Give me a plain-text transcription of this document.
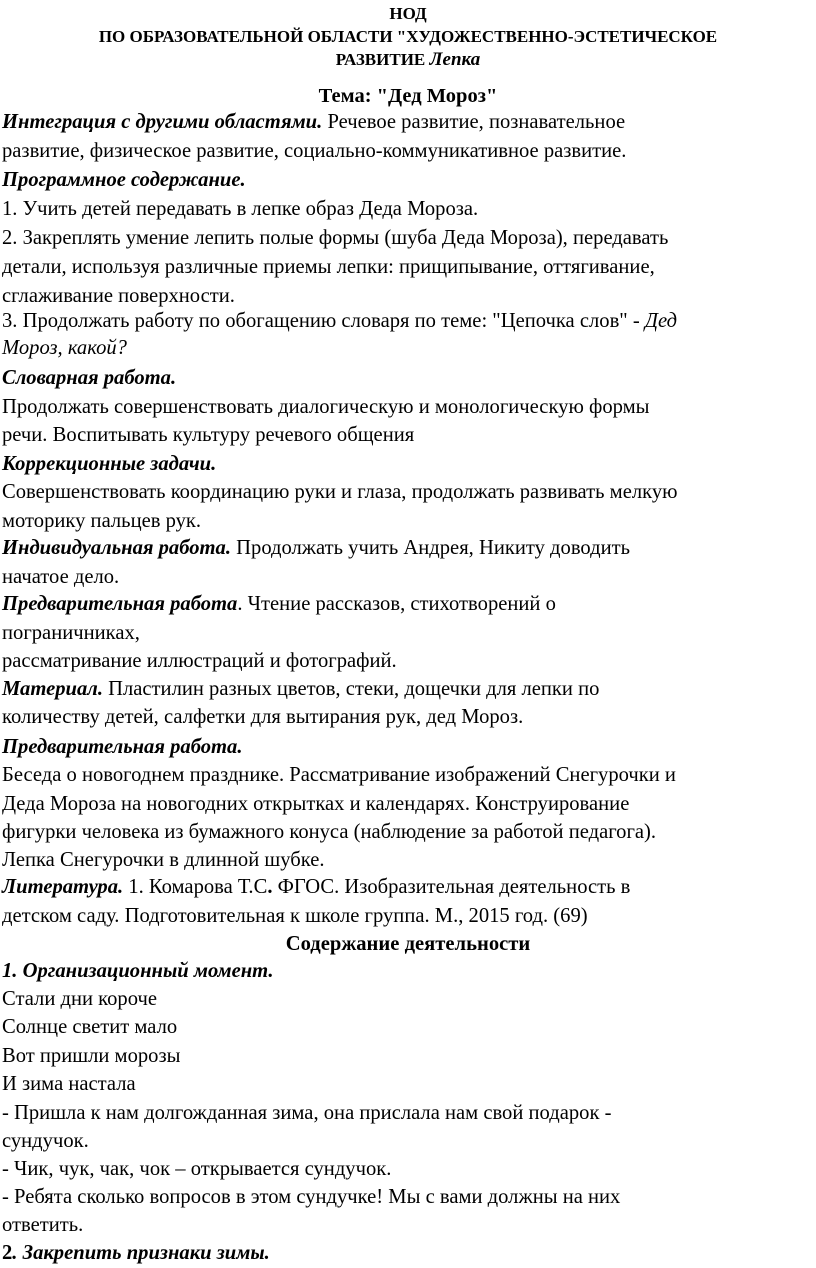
НОД
ПО ОБРАЗОВАТЕЛЬНОЙ ОБЛАСТИ "ХУДОЖЕСТВЕННО-ЭСТЕТИЧЕСКОЕ
РАЗВИТИЕ Лепка
Тема: "Дед Мороз"
Интеграция с другими областями. Речевое развитие, познавательное
развитие, физическое развитие, социально-коммуникативное развитие.
Программное содержание.
1. Учить детей передавать в лепке образ Деда Мороза.
2. Закреплять умение лепить полые формы (шуба Деда Мороза), передавать
детали, используя различные приемы лепки: прищипывание, оттягивание,
сглаживание поверхности.
3. Продолжать работу по обогащению словаря по теме: "Цепочка слов" - Дед
Мороз, какой?
Словарная работа.
Продолжать совершенствовать диалогическую и монологическую формы
речи. Воспитывать культуру речевого общения
Коррекционные задачи.
Совершенствовать координацию руки и глаза, продолжать развивать мелкую
моторику пальцев рук.
Индивидуальная работа. Продолжать учить Андрея, Никиту доводить
начатое дело.
Предварительная работа. Чтение рассказов, стихотворений о
пограничниках,
рассматривание иллюстраций и фотографий.
Материал. Пластилин разных цветов, стеки, дощечки для лепки по
количеству детей, салфетки для вытирания рук, дед Мороз.
Предварительная работа.
Беседа о новогоднем празднике. Рассматривание изображений Снегурочки и
Деда Мороза на новогодних открытках и календарях. Конструирование
фигурки человека из бумажного конуса (наблюдение за работой педагога).
Лепка Снегурочки в длинной шубке.
Литература. 1. Комарова Т.С. ФГОС. Изобразительная деятельность в
детском саду. Подготовительная к школе группа. М., 2015 год. (69)
Содержание деятельности
1. Организационный момент.
Стали дни короче
Солнце светит мало
Вот пришли морозы
И зима настала
- Пришла к нам долгожданная зима, она прислала нам свой подарок -
сундучок.
- Чик, чук, чак, чок – открывается сундучок.
- Ребята сколько вопросов в этом сундучке! Мы с вами должны на них
ответить.
2. Закрепить признаки зимы.
